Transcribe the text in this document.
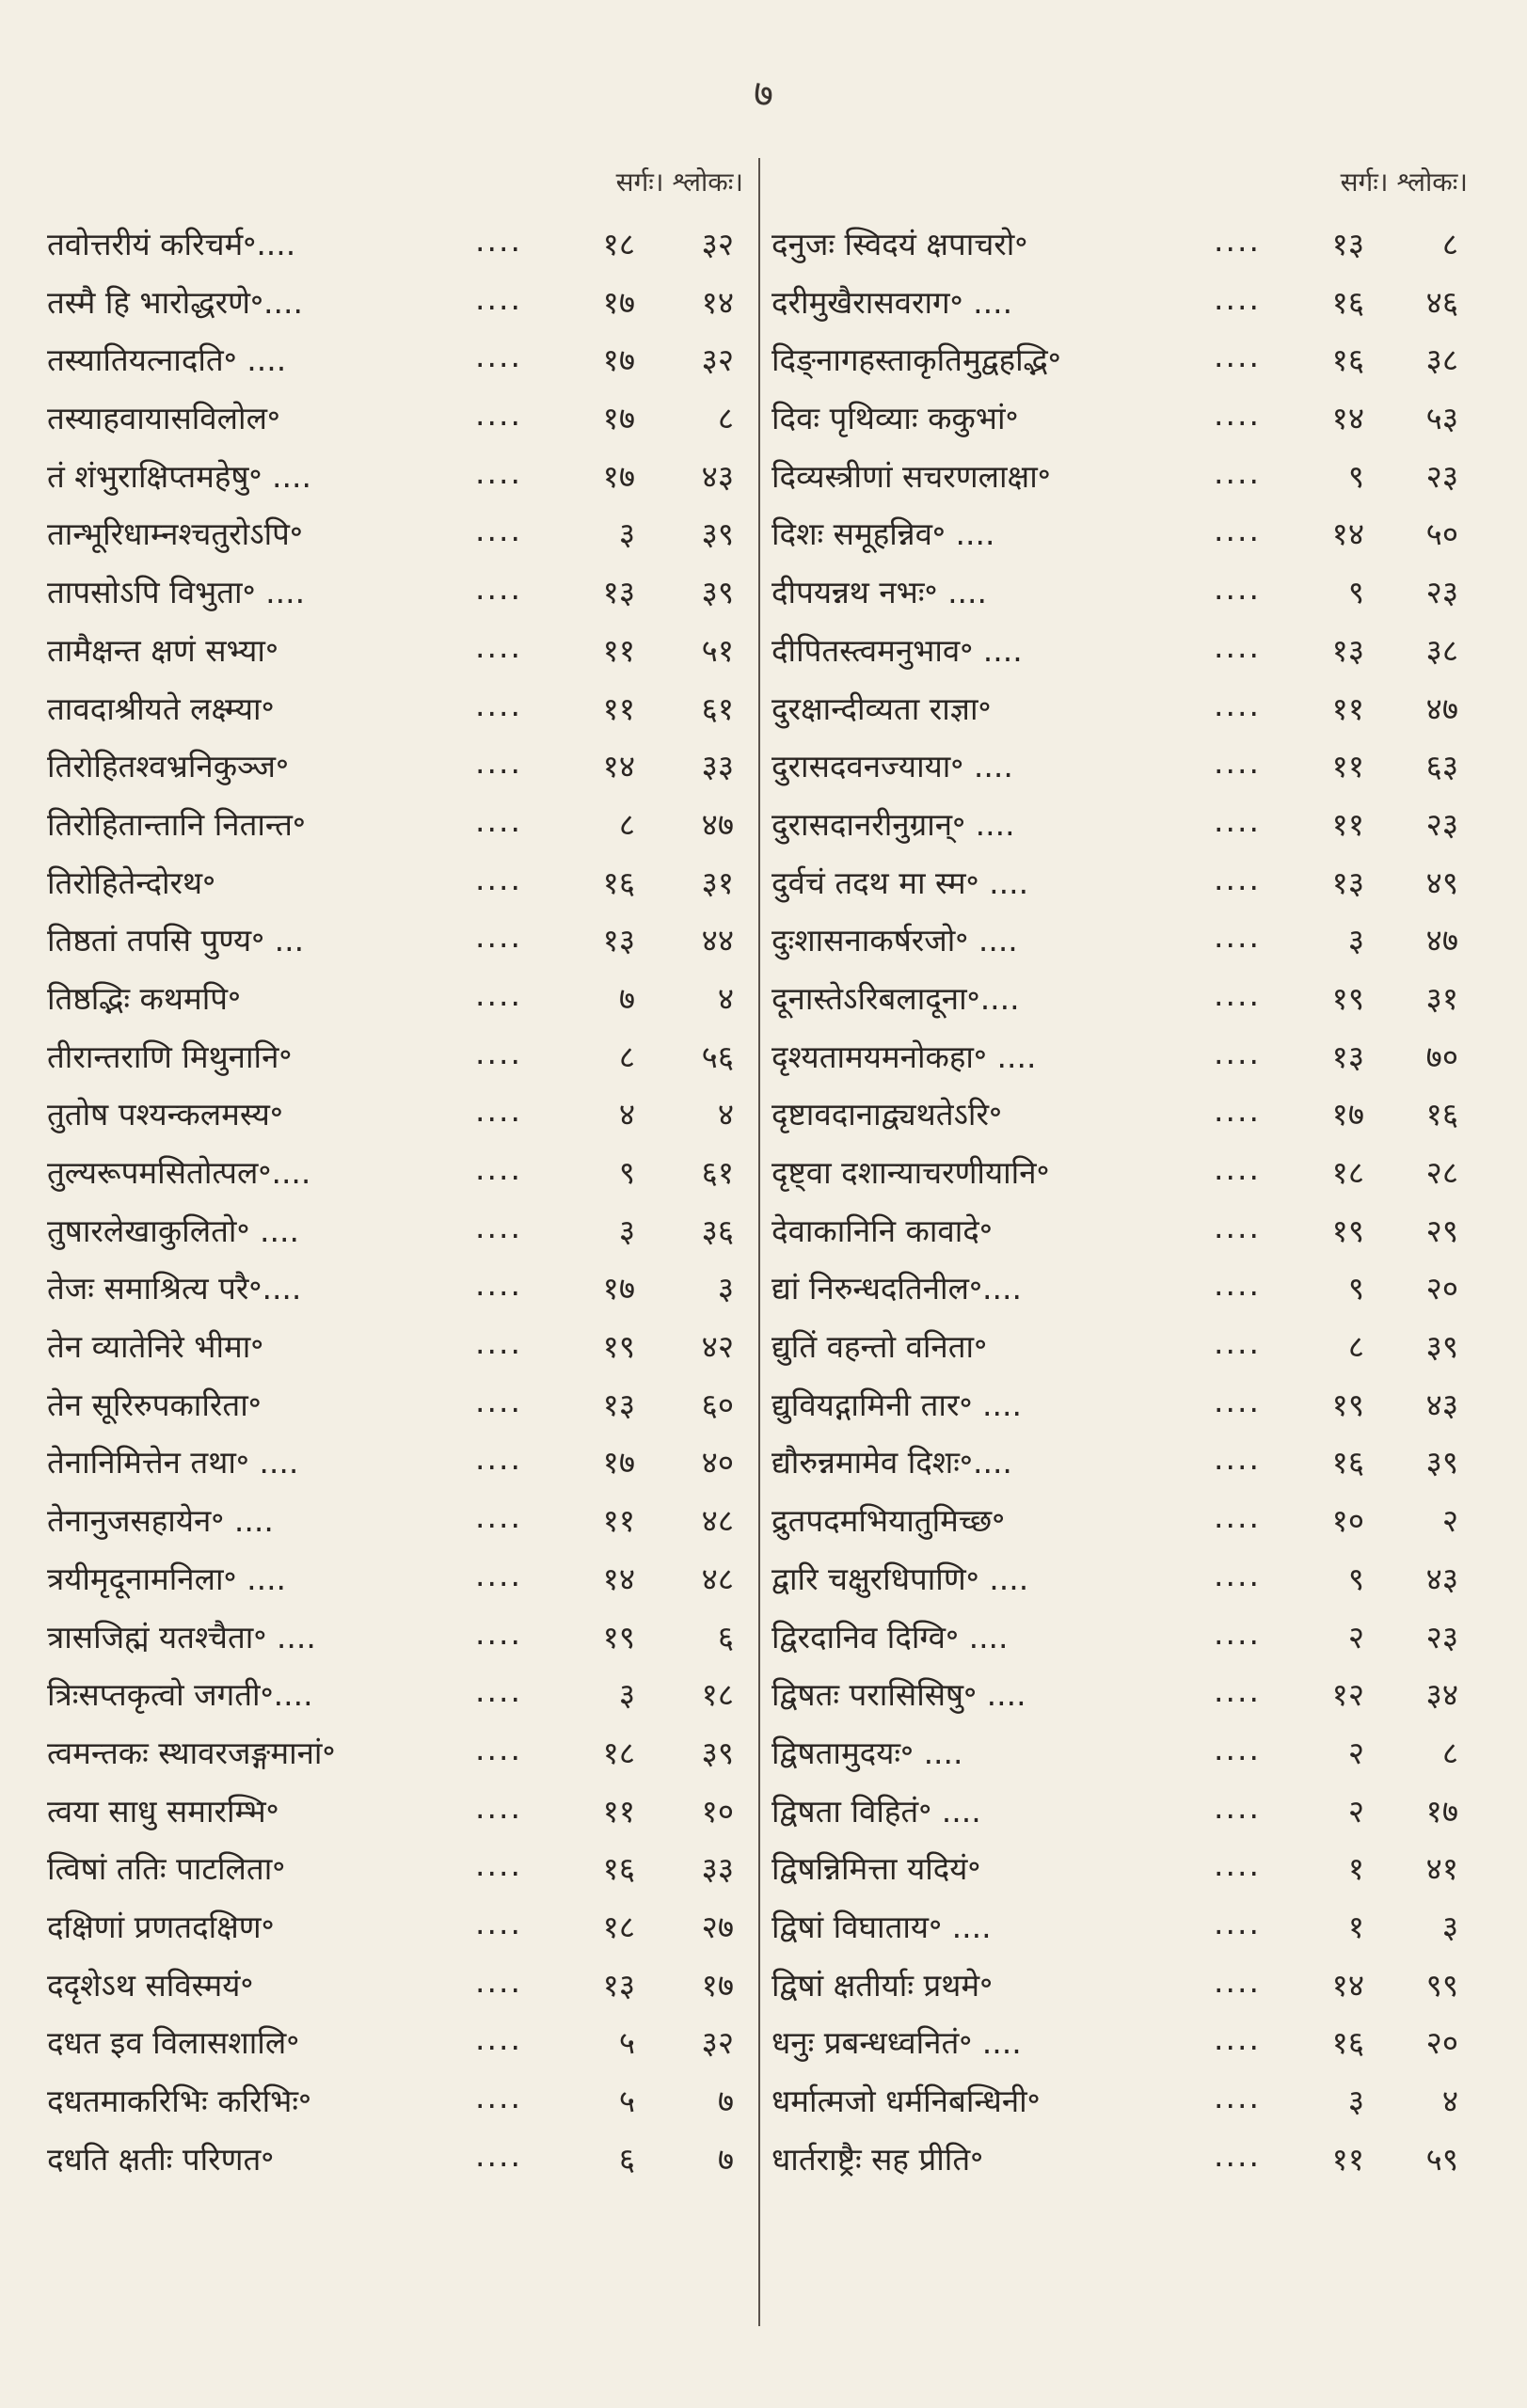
७
सर्गः। श्लोकः।
तवोत्तरीयं करिचर्म॰....	....	१८	३२
तस्मै हि भारोद्धरणे॰....	....	१७	१४
तस्यातियत्नादति॰ ....	....	१७	३२
तस्याहवायासविलोल॰	....	१७	८
तं शंभुराक्षिप्तमहेषु॰ ....	....	१७	४३
तान्भूरिधाम्नश्चतुरोऽपि॰	....	३	३९
तापसोऽपि विभुता॰ ....	....	१३	३९
तामैक्षन्त क्षणं सभ्या॰	....	११	५१
तावदाश्रीयते लक्ष्म्या॰	....	११	६१
तिरोहितश्वभ्रनिकुञ्ज॰	....	१४	३३
तिरोहितान्तानि नितान्त॰	....	८	४७
तिरोहितेन्दोरथ॰	....	१६	३१
तिष्ठतां तपसि पुण्य॰ ...	....	१३	४४
तिष्ठद्भिः कथमपि॰	....	७	४
तीरान्तराणि मिथुनानि॰	....	८	५६
तुतोष पश्यन्कलमस्य॰	....	४	४
तुल्यरूपमसितोत्पल॰....	....	९	६१
तुषारलेखाकुलितो॰ ....	....	३	३६
तेजः समाश्रित्य परै॰....	....	१७	३
तेन व्यातेनिरे भीमा॰	....	१९	४२
तेन सूरिरुपकारिता॰	....	१३	६०
तेनानिमित्तेन तथा॰ ....	....	१७	४०
तेनानुजसहायेन॰ ....	....	११	४८
त्रयीमृदूनामनिला॰ ....	....	१४	४८
त्रासजिह्मं यतश्चैता॰ ....	....	१९	६
त्रिःसप्तकृत्वो जगती॰....	....	३	१८
त्वमन्तकः स्थावरजङ्गमानां॰	....	१८	३९
त्वया साधु समारम्भि॰	....	११	१०
त्विषां ततिः पाटलिता॰	....	१६	३३
दक्षिणां प्रणतदक्षिण॰	....	१८	२७
ददृशेऽथ सविस्मयं॰	....	१३	१७
दधत इव विलासशालि॰	....	५	३२
दधतमाकरिभिः करिभिः॰	....	५	७
दधति क्षतीः परिणत॰	....	६	७
सर्गः। श्लोकः।
दनुजः स्विदयं क्षपाचरो॰	....	१३	८
दरीमुखैरासवराग॰ ....	....	१६	४६
दिङ्नागहस्ताकृतिमुद्वहद्भि॰	....	१६	३८
दिवः पृथिव्याः ककुभां॰	....	१४	५३
दिव्यस्त्रीणां सचरणलाक्षा॰	....	९	२३
दिशः समूहन्निव॰ ....	....	१४	५०
दीपयन्नथ नभः॰ ....	....	९	२३
दीपितस्त्वमनुभाव॰ ....	....	१३	३८
दुरक्षान्दीव्यता राज्ञा॰	....	११	४७
दुरासदवनज्याया॰ ....	....	११	६३
दुरासदानरीनुग्रान्॰ ....	....	११	२३
दुर्वचं तदथ मा स्म॰ ....	....	१३	४९
दुःशासनाकर्षरजो॰ ....	....	३	४७
दूनास्तेऽरिबलादूना॰....	....	१९	३१
दृश्यतामयमनोकहा॰ ....	....	१३	७०
दृष्टावदानाद्व्यथतेऽरि॰	....	१७	१६
दृष्ट्वा दशान्याचरणीयानि॰	....	१८	२८
देवाकानिनि कावादे॰	....	१९	२९
द्यां निरुन्धदतिनील॰....	....	९	२०
द्युतिं वहन्तो वनिता॰	....	८	३९
द्युवियद्गामिनी तार॰ ....	....	१९	४३
द्यौरुन्नमामेव दिशः॰....	....	१६	३९
द्रुतपदमभियातुमिच्छ॰	....	१०	२
द्वारि चक्षुरधिपाणि॰ ....	....	९	४३
द्विरदानिव दिग्वि॰ ....	....	२	२३
द्विषतः परासिसिषु॰ ....	....	१२	३४
द्विषतामुदयः॰ ....	....	२	८
द्विषता विहितं॰ ....	....	२	१७
द्विषन्निमित्ता यदियं॰	....	१	४१
द्विषां विघाताय॰ ....	....	१	३
द्विषां क्षतीर्याः प्रथमे॰	....	१४	९९
धनुः प्रबन्धध्वनितं॰ ....	....	१६	२०
धर्मात्मजो धर्मनिबन्धिनी॰	....	३	४
धार्तराष्ट्रैः सह प्रीति॰	....	११	५९
